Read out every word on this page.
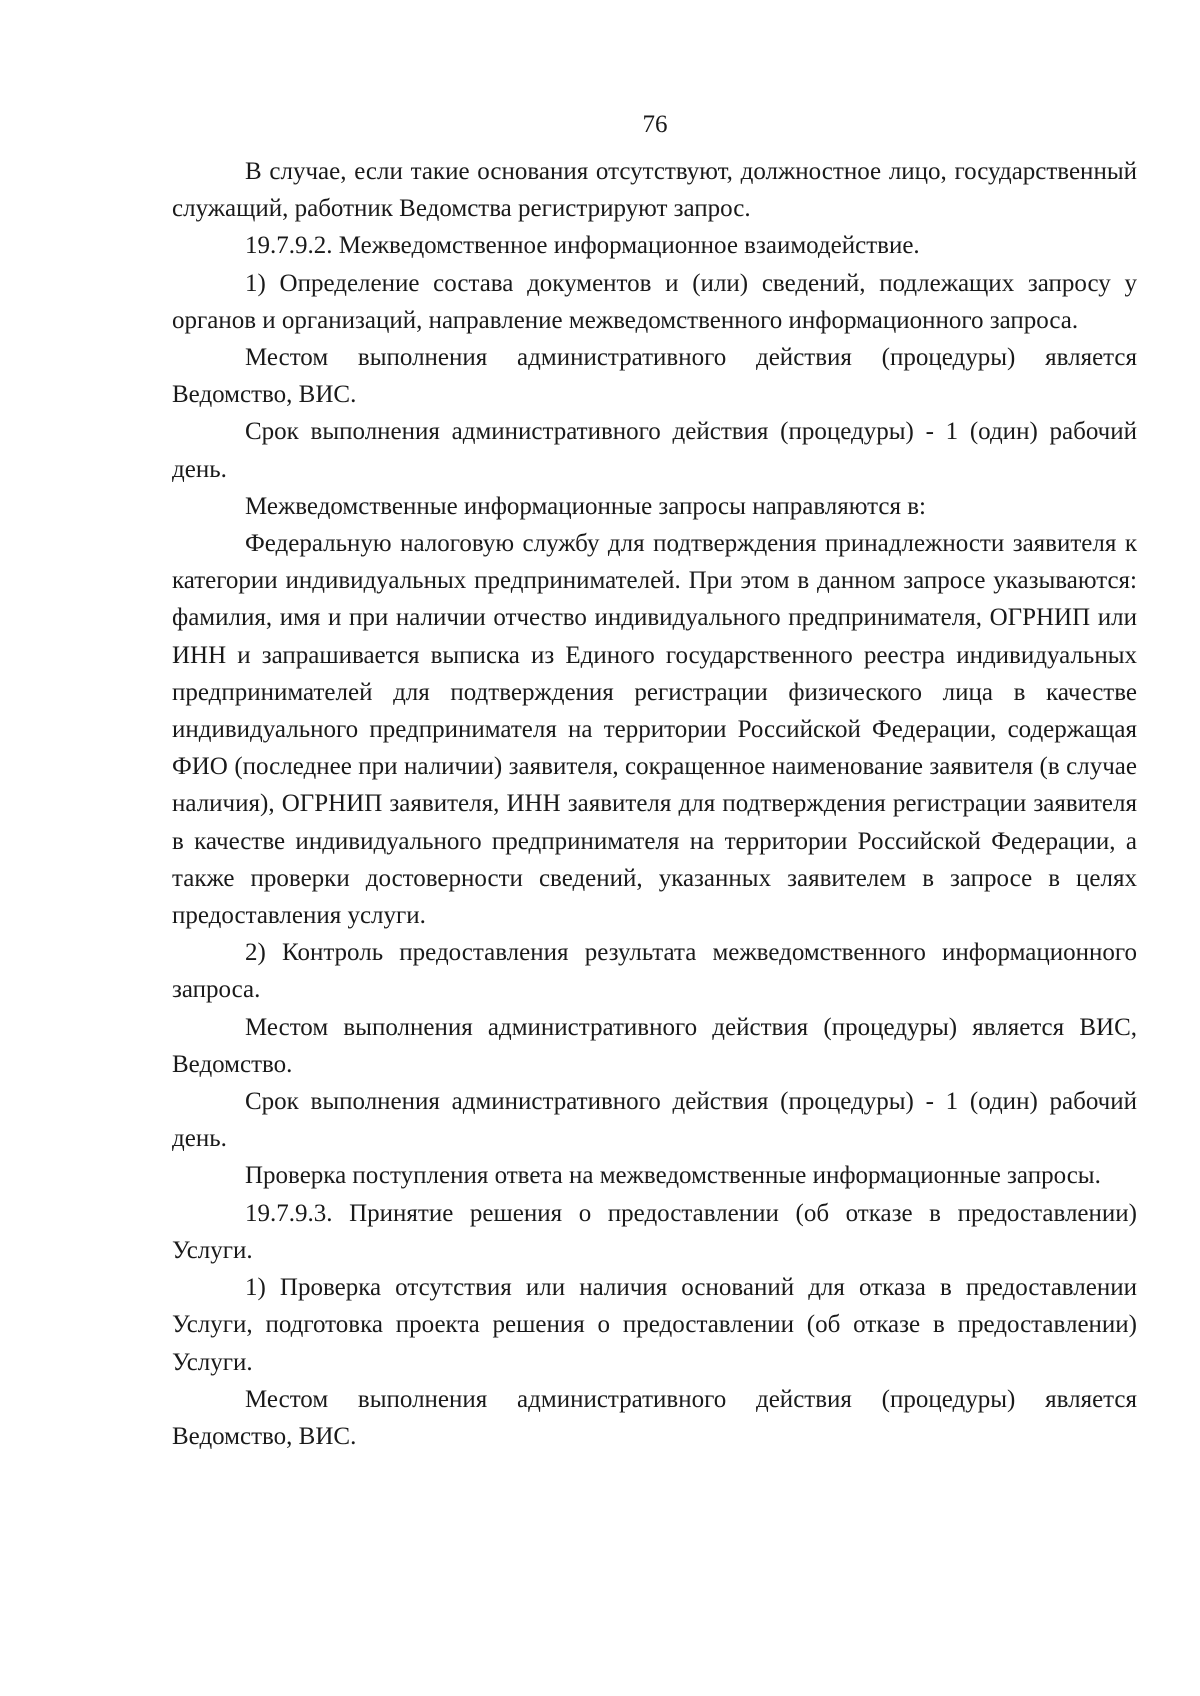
76

В случае, если такие основания отсутствуют, должностное лицо, государственный служащий, работник Ведомства регистрируют запрос.

19.7.9.2. Межведомственное информационное взаимодействие.

1) Определение состава документов и (или) сведений, подлежащих запросу у органов и организаций, направление межведомственного информационного запроса.

Местом выполнения административного действия (процедуры) является Ведомство, ВИС.

Срок выполнения административного действия (процедуры) - 1 (один) рабочий день.

Межведомственные информационные запросы направляются в:

Федеральную налоговую службу для подтверждения принадлежности заявителя к категории индивидуальных предпринимателей. При этом в данном запросе указываются: фамилия, имя и при наличии отчество индивидуального предпринимателя, ОГРНИП или ИНН и запрашивается выписка из Единого государственного реестра индивидуальных предпринимателей для подтверждения регистрации физического лица в качестве индивидуального предпринимателя на территории Российской Федерации, содержащая ФИО (последнее при наличии) заявителя, сокращенное наименование заявителя (в случае наличия), ОГРНИП заявителя, ИНН заявителя для подтверждения регистрации заявителя в качестве индивидуального предпринимателя на территории Российской Федерации, а также проверки достоверности сведений, указанных заявителем в запросе в целях предоставления услуги.

2) Контроль предоставления результата межведомственного информационного запроса.

Местом выполнения административного действия (процедуры) является ВИС, Ведомство.

Срок выполнения административного действия (процедуры) - 1 (один) рабочий день.

Проверка поступления ответа на межведомственные информационные запросы.

19.7.9.3. Принятие решения о предоставлении (об отказе в предоставлении) Услуги.

1) Проверка отсутствия или наличия оснований для отказа в предоставлении Услуги, подготовка проекта решения о предоставлении (об отказе в предоставлении) Услуги.

Местом выполнения административного действия (процедуры) является Ведомство, ВИС.
